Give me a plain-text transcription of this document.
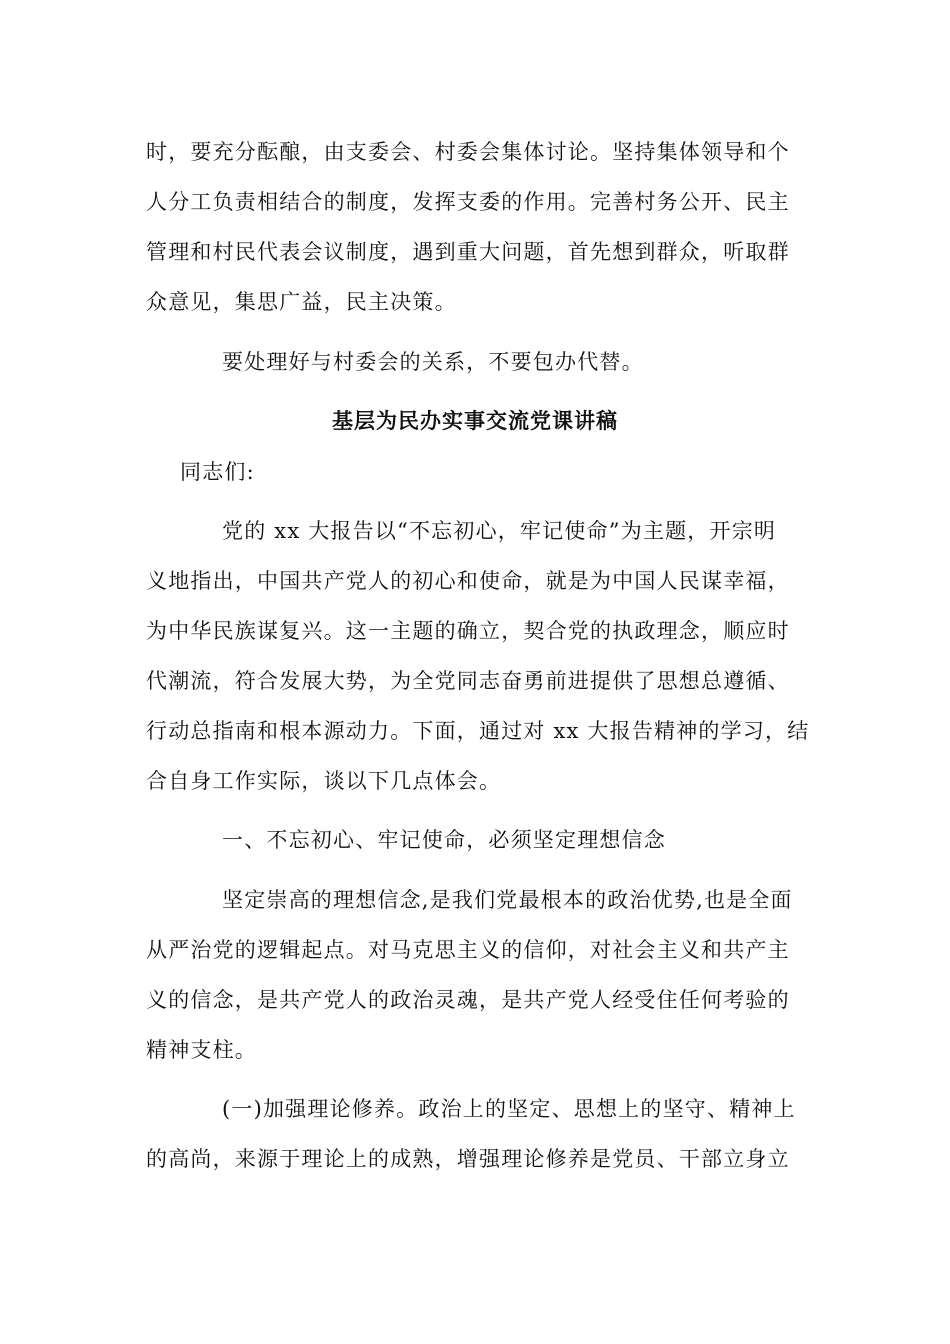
时，要充分酝酿，由支委会、村委会集体讨论。坚持集体领导和个
人分工负责相结合的制度，发挥支委的作用。完善村务公开、民主
管理和村民代表会议制度，遇到重大问题，首先想到群众，听取群
众意见，集思广益，民主决策。
要处理好与村委会的关系，不要包办代替。
基层为民办实事交流党课讲稿
同志们:
党的 xx 大报告以“不忘初心，牢记使命”为主题，开宗明
义地指出，中国共产党人的初心和使命，就是为中国人民谋幸福，
为中华民族谋复兴。这一主题的确立，契合党的执政理念，顺应时
代潮流，符合发展大势，为全党同志奋勇前进提供了思想总遵循、
行动总指南和根本源动力。下面，通过对 xx 大报告精神的学习，结
合自身工作实际，谈以下几点体会。
一、不忘初心、牢记使命，必须坚定理想信念
坚定崇高的理想信念,是我们党最根本的政治优势,也是全面
从严治党的逻辑起点。对马克思主义的信仰，对社会主义和共产主
义的信念，是共产党人的政治灵魂，是共产党人经受住任何考验的
精神支柱。
(一)加强理论修养。政治上的坚定、思想上的坚守、精神上
的高尚，来源于理论上的成熟，增强理论修养是党员、干部立身立
